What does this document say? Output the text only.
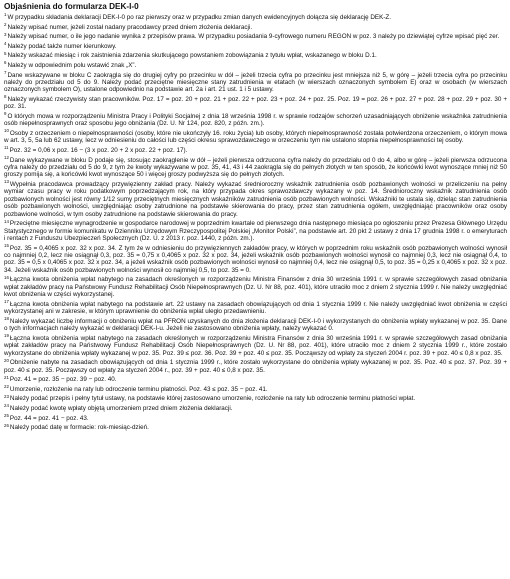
Objaśnienia do formularza DEK-I-0

$^1$W przypadku składania deklaracji DEK-I-0 po raz pierwszy oraz w przypadku zmian danych ewidencyjnych dołącza się deklarację DEK-Z.

$^2$Należy wpisać numer, jeżeli został nadany pracodawcy przed dniem złożenia deklaracji.

$^3$Należy wpisać numer, o ile jego nadanie wynika z przepisów prawa. W przypadku posiadania 9-cyfrowego numeru REGON w poz. 3 należy po dziewiątej cyfrze wpisać pięć zer.

$^4$Należy podać także numer kierunkowy.

$^5$Należy wskazać miesiąc i rok zaistnienia zdarzenia skutkującego powstaniem zobowiązania z tytułu wpłat, wskazanego w bloku D.1.

$^6$Należy w odpowiednim polu wstawić znak „X”.

$^7$Dane wskazywane w bloku C zaokrągla się do drugiej cyfry po przecinku w dół – jeżeli trzecia cyfra po przecinku jest mniejsza niż 5, w górę – jeżeli trzecia cyfra po przecinku należy do przedziału od 5 do 9. Należy podać przeciętne miesięczne stany zatrudnienia w etatach (w wierszach oznaczonych symbolem E) oraz w osobach (w wierszach oznaczonych symbolem O), ustalone odpowiednio na podstawie art. 2a i art. 21 ust. 1 i 5 ustawy.

$^8$Należy wykazać rzeczywisty stan pracowników. Poz. 17 = poz. 20 + poz. 21 + poz. 22 + poz. 23 + poz. 24 + poz. 25. Poz. 19 = poz. 26 + poz. 27 + poz. 28 + poz. 29 + poz. 30 + poz. 31.

$^9$O których mowa w rozporządzeniu Ministra Pracy i Polityki Socjalnej z dnia 18 września 1998 r. w sprawie rodzajów schorzeń uzasadniających obniżenie wskaźnika zatrudnienia osób niepełnosprawnych oraz sposobu jego obniżania (Dz. U. Nr 124, poz. 820, z późn. zm.).

$^{10}$Osoby z orzeczeniem o niepełnosprawności (osoby, które nie ukończyły 16. roku życia) lub osoby, których niepełnosprawność została potwierdzona orzeczeniem, o którym mowa w art. 3, 5, 5a lub 62 ustawy, lecz w odniesieniu do całości lub części okresu sprawozdawczego w orzeczeniu tym nie ustalono stopnia niepełnosprawności tej osoby.

$^{11}$Poz. 32 = 0,06 x poz. 16 − (3 x poz. 20 + 2 x poz. 22 + poz. 17).

$^{12}$Dane wykazywane w bloku D podaje się, stosując zaokrąglenie w dół – jeżeli pierwsza odrzucona cyfra należy do przedziału od 0 do 4, albo w górę – jeżeli pierwsza odrzucona cyfra należy do przedziału od 5 do 9, z tym że kwoty wykazywane w poz. 35, 41, 43 i 44 zaokrągla się do pełnych złotych w ten sposób, że końcówki kwot wynoszące mniej niż 50 groszy pomija się, a końcówki kwot wynoszące 50 i więcej groszy podwyższa się do pełnych złotych.

$^{13}$Wypełnia pracodawca prowadzący przywięzienny zakład pracy. Należy wykazać średnioroczny wskaźnik zatrudnienia osób pozbawionych wolności w przeliczeniu na pełny wymiar czasu pracy w roku podatkowym poprzedzającym rok, na który przypada okres sprawozdawczy wykazany w poz. 14. Średnioroczny wskaźnik zatrudnienia osób pozbawionych wolności jest równy 1/12 sumy przeciętnych miesięcznych wskaźników zatrudnienia osób pozbawionych wolności. Wskaźniki te ustala się, dzieląc stan zatrudnienia osób pozbawionych wolności, uwzględniając osoby zatrudnione na podstawie skierowania do pracy, przez stan zatrudnienia ogółem, uwzględniając pracowników oraz osoby pozbawione wolności, w tym osoby zatrudnione na podstawie skierowania do pracy.

$^{14}$Przeciętne miesięczne wynagrodzenie w gospodarce narodowej w poprzednim kwartale od pierwszego dnia następnego miesiąca po ogłoszeniu przez Prezesa Głównego Urzędu Statystycznego w formie komunikatu w Dzienniku Urzędowym Rzeczypospolitej Polskiej „Monitor Polski”, na podstawie art. 20 pkt 2 ustawy z dnia 17 grudnia 1998 r. o emeryturach i rentach z Funduszu Ubezpieczeń Społecznych (Dz. U. z 2013 r. poz. 1440, z późn. zm.).

$^{15}$Poz. 35 = 0,4065 x poz. 32 x poz. 34. Z tym że w odniesieniu do przywięziennych zakładów pracy, w których w poprzednim roku wskaźnik osób pozbawionych wolności wynosił co najmniej 0,2, lecz nie osiągnął 0,3, poz. 35 = 0,75 x 0,4065 x poz. 32 x poz. 34, jeżeli wskaźnik osób pozbawionych wolności wynosił co najmniej 0,3, lecz nie osiągnął 0,4, to poz. 35 = 0,5 x 0,4065 x poz. 32 x poz. 34, a jeżeli wskaźnik osób pozbawionych wolności wynosił co najmniej 0,4, lecz nie osiągnął 0,5, to poz. 35 = 0,25 x 0,4065 x poz. 32 x poz. 34. Jeżeli wskaźnik osób pozbawionych wolności wynosił co najmniej 0,5, to poz. 35 = 0.

$^{16}$Łączna kwota obniżenia wpłat nabytego na zasadach określonych w rozporządzeniu Ministra Finansów z dnia 30 września 1991 r. w sprawie szczegółowych zasad obniżania wpłat zakładów pracy na Państwowy Fundusz Rehabilitacji Osób Niepełnosprawnych (Dz. U. Nr 88, poz. 401), które utraciło moc z dniem 2 stycznia 1999 r. Nie należy uwzględniać kwot obniżenia w części wykorzystanej.

$^{17}$Łączna kwota obniżenia wpłat nabytego na podstawie art. 22 ustawy na zasadach obowiązujących od dnia 1 stycznia 1999 r. Nie należy uwzględniać kwot obniżenia w części wykorzystanej ani w zakresie, w którym uprawnienie do obniżenia wpłat uległo przedawnieniu.

$^{18}$Należy wykazać liczbę informacji o obniżeniu wpłat na PFRON uzyskanych do dnia złożenia deklaracji DEK-I-0 i wykorzystanych do obniżenia wpłaty wykazanej w poz. 35. Dane o tych informacjach należy wykazać w deklaracji DEK-I-u. Jeżeli nie zastosowano obniżenia wpłaty, należy wykazać 0.

$^{19}$Łączna kwota obniżenia wpłat nabytego na zasadach określonych w rozporządzeniu Ministra Finansów z dnia 30 września 1991 r. w sprawie szczegółowych zasad obniżania wpłat zakładów pracy na Państwowy Fundusz Rehabilitacji Osób Niepełnosprawnych (Dz. U. Nr 88, poz. 401), które utraciło moc z dniem 2 stycznia 1999 r., które zostało wykorzystane do obniżenia wpłaty wykazanej w poz. 35. Poz. 39 ≤ poz. 36. Poz. 39 + poz. 40 ≤ poz. 35. Począwszy od wpłaty za styczeń 2004 r. poz. 39 + poz. 40 ≤ 0,8 x poz. 35.

$^{20}$Obniżenie nabyte na zasadach obowiązujących od dnia 1 stycznia 1999 r., które zostało wykorzystane do obniżenia wpłaty wykazanej w poz. 35. Poz. 40 ≤ poz. 37. Poz. 39 + poz. 40 ≤ poz. 35. Począwszy od wpłaty za styczeń 2004 r., poz. 39 + poz. 40 ≤ 0,8 x poz. 35.

$^{21}$Poz. 41 = poz. 35 − poz. 39 − poz. 40.

$^{22}$Umorzenie, rozłożenie na raty lub odroczenie terminu płatności. Poz. 43 ≤ poz. 35 − poz. 41.

$^{23}$Należy podać przepis i pełny tytuł ustawy, na podstawie której zastosowano umorzenie, rozłożenie na raty lub odroczenie terminu płatności wpłat.

$^{24}$Należy podać kwotę wpłaty objętą umorzeniem przed dniem złożenia deklaracji.

$^{25}$Poz. 44 = poz. 41 − poz. 43.

$^{26}$Należy podać datę w formacie: rok-miesiąc-dzień.
